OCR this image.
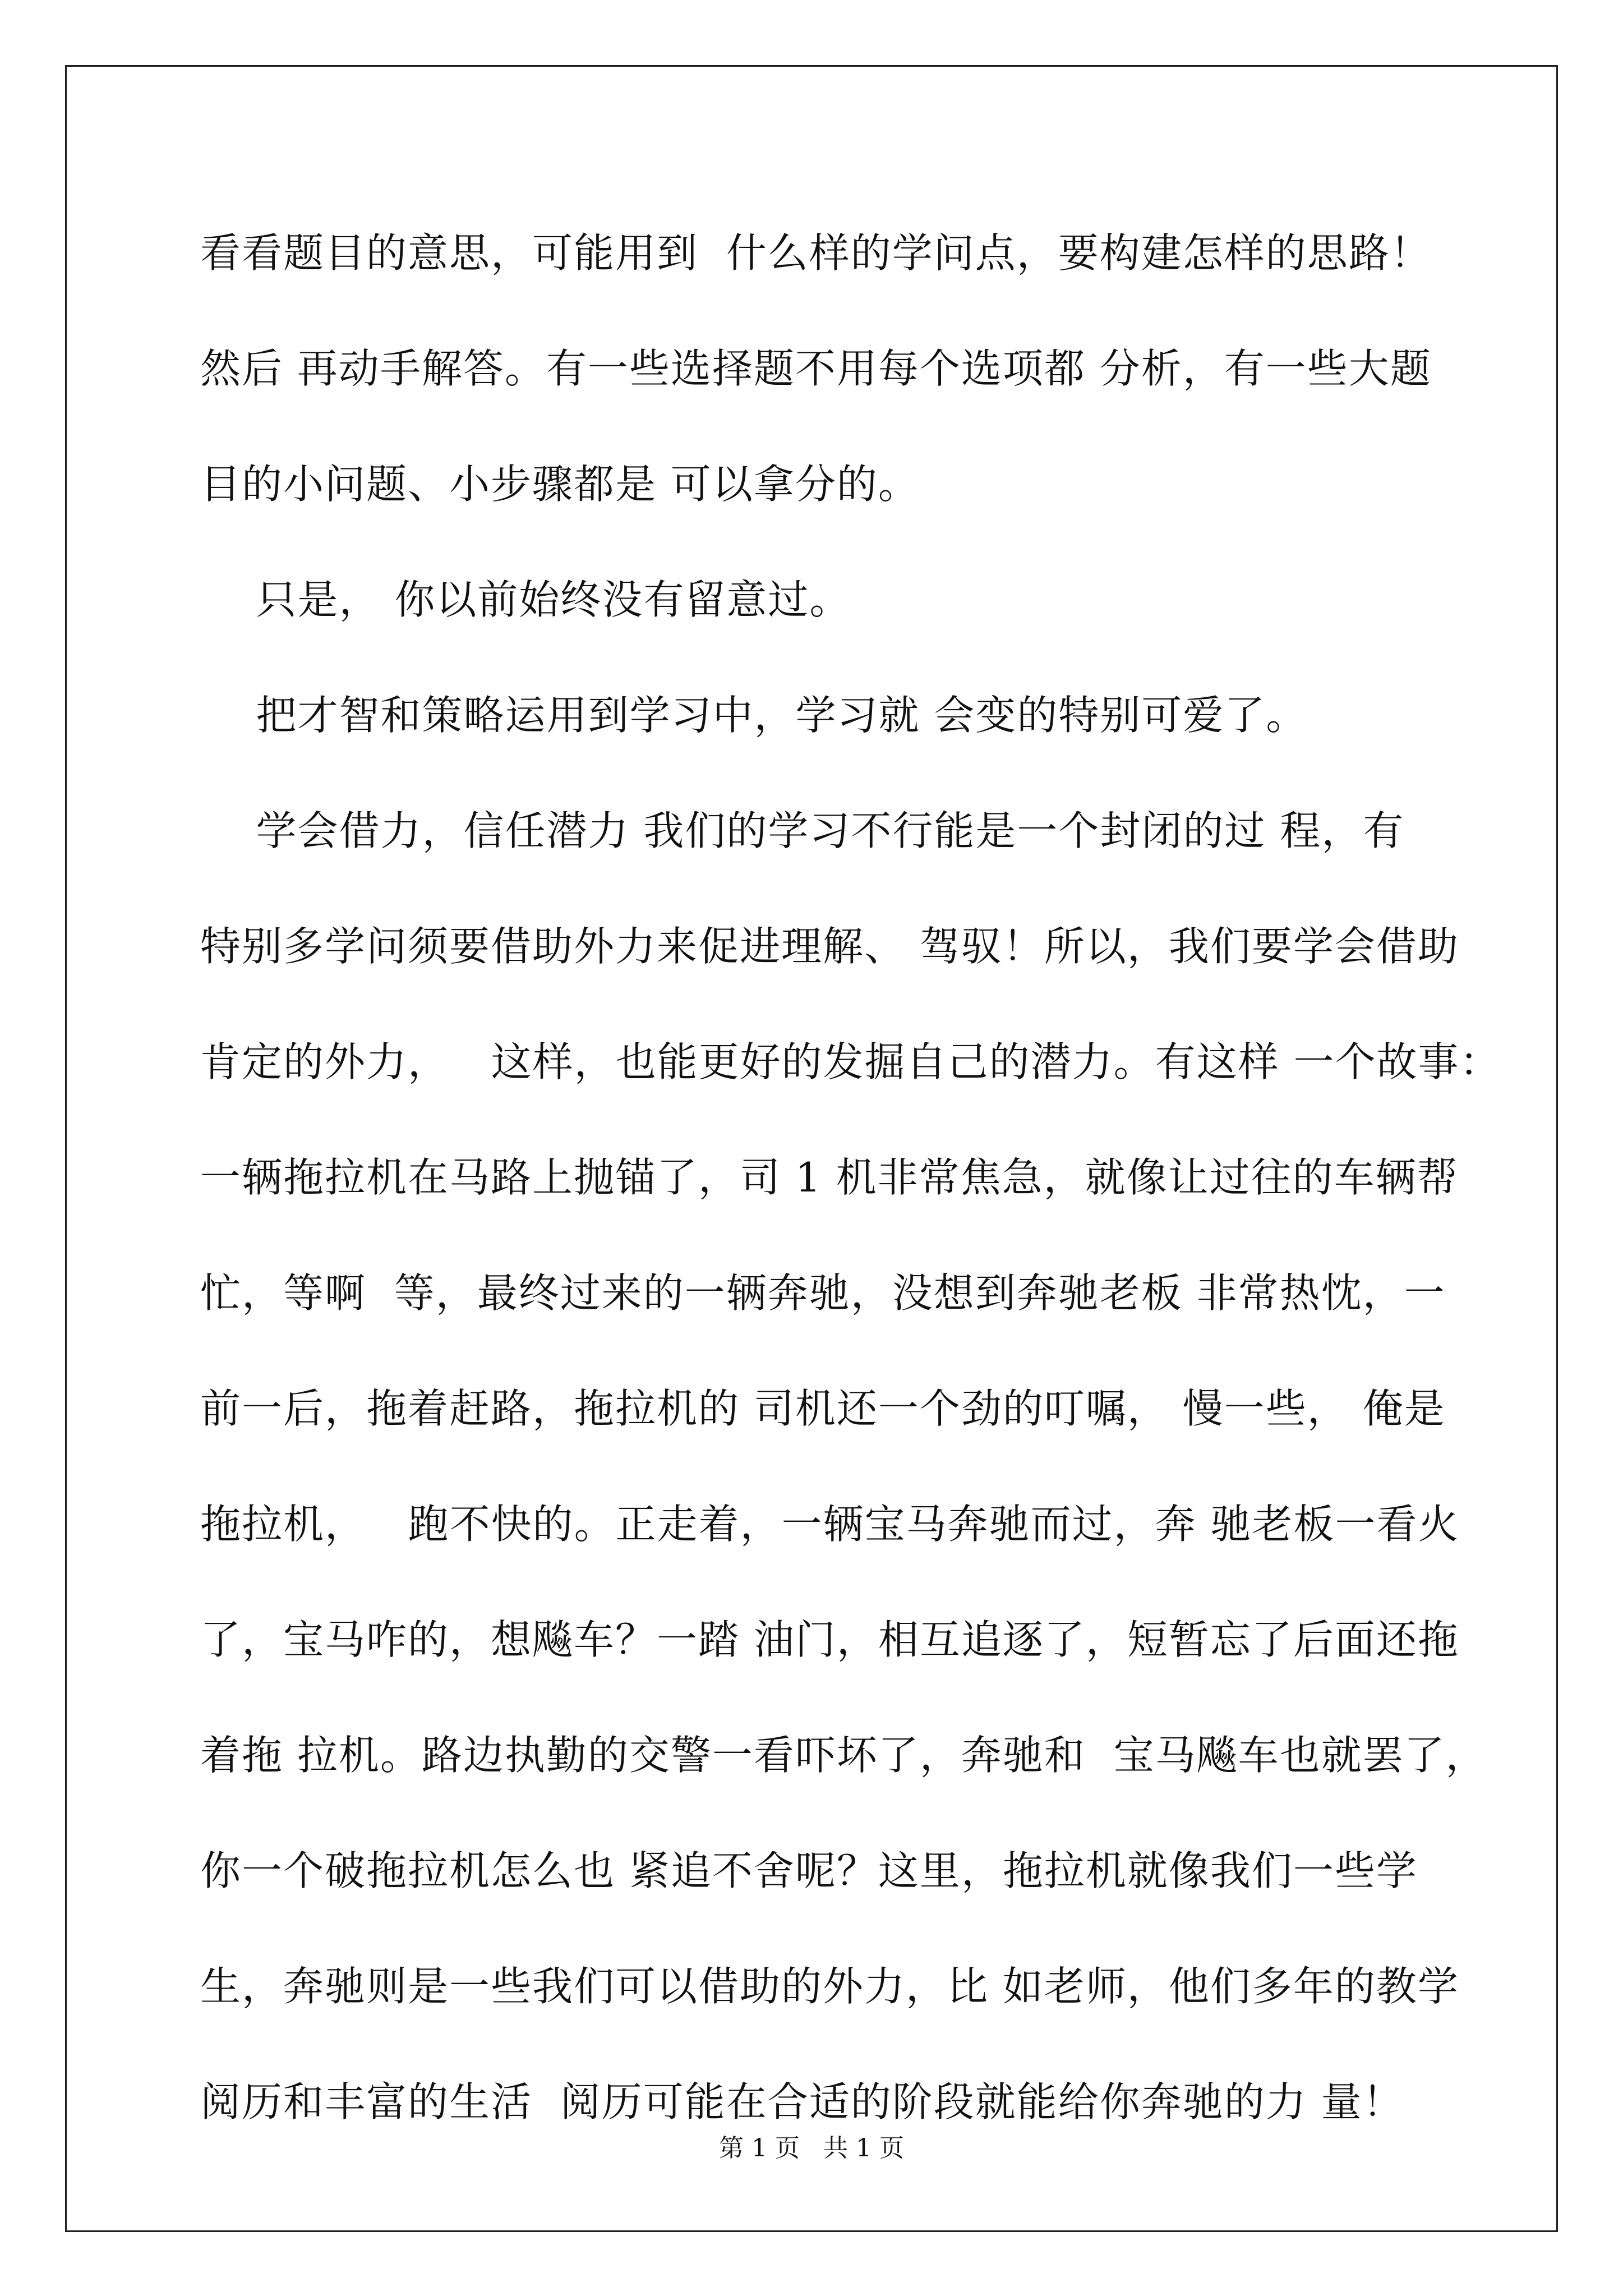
看看题目的意思，可能用到  什么样的学问点，要构建怎样的思路！
然后 再动手解答。有一些选择题不用每个选项都 分析，有一些大题
目的小问题、小步骤都是 可以拿分的。
只是， 你以前始终没有留意过。
把才智和策略运用到学习中，学习就 会变的特别可爱了。
学会借力，信任潜力 我们的学习不行能是一个封闭的过 程，有
特别多学问须要借助外力来促进理解、 驾驭！所以，我们要学会借助
肯定的外力，   这样，也能更好的发掘自己的潜力。有这样 一个故事：
一辆拖拉机在马路上抛锚了，司 1 机非常焦急，就像让过往的车辆帮
忙，等啊  等，最终过来的一辆奔驰，没想到奔驰老板 非常热忱，一
前一后，拖着赶路，拖拉机的 司机还一个劲的叮嘱， 慢一些， 俺是
拖拉机，   跑不快的。正走着，一辆宝马奔驰而过，奔 驰老板一看火
了，宝马咋的，想飚车？一踏 油门，相互追逐了，短暂忘了后面还拖
着拖 拉机。路边执勤的交警一看吓坏了，奔驰和  宝马飚车也就罢了，
你一个破拖拉机怎么也 紧追不舍呢？这里，拖拉机就像我们一些学
生，奔驰则是一些我们可以借助的外力，比 如老师，他们多年的教学
阅历和丰富的生活  阅历可能在合适的阶段就能给你奔驰的力 量！
第 1 页   共 1 页
